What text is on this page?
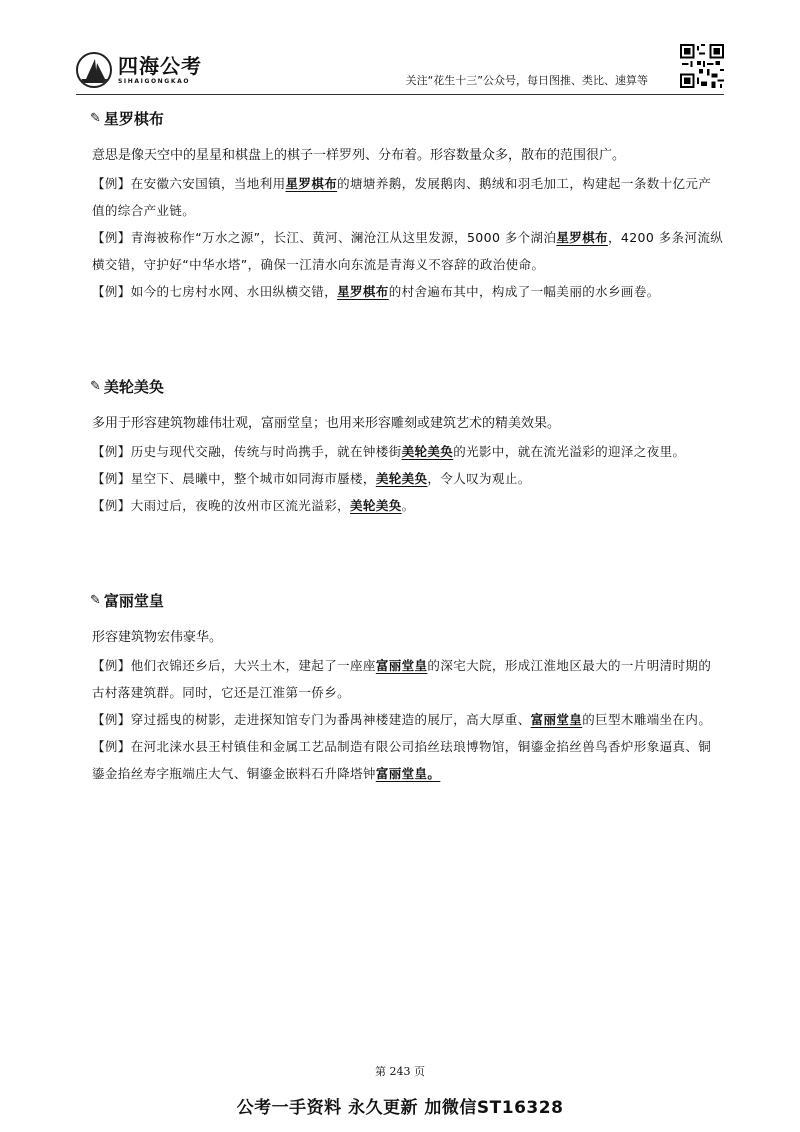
四海公考
SIHAIGONGKAO	关注“花生十三”公众号，每日图推、类比、速算等
✎ 星罗棋布

意思是像天空中的星星和棋盘上的棋子一样罗列、分布着。形容数量众多，散布的范围很广。

【例】在安徽六安国镇，当地利用星罗棋布的塘塘养鹅，发展鹅肉、鹅绒和羽毛加工，构建起一条数十亿元产值的综合产业链。

【例】青海被称作“万水之源”，长江、黄河、澜沧江从这里发源，5000 多个湖泊星罗棋布，4200 多条河流纵横交错，守护好“中华水塔”，确保一江清水向东流是青海义不容辞的政治使命。

【例】如今的七房村水网、水田纵横交错，星罗棋布的村舍遍布其中，构成了一幅美丽的水乡画卷。

✎ 美轮美奂

多用于形容建筑物雄伟壮观，富丽堂皇；也用来形容雕刻或建筑艺术的精美效果。

【例】历史与现代交融，传统与时尚携手，就在钟楼街美轮美奂的光影中，就在流光溢彩的迎泽之夜里。

【例】星空下、晨曦中，整个城市如同海市蜃楼，美轮美奂，令人叹为观止。

【例】大雨过后，夜晚的汝州市区流光溢彩，美轮美奂。

✎ 富丽堂皇

形容建筑物宏伟豪华。

【例】他们衣锦还乡后，大兴土木，建起了一座座富丽堂皇的深宅大院，形成江淮地区最大的一片明清时期的古村落建筑群。同时，它还是江淮第一侨乡。

【例】穿过摇曳的树影，走进探知馆专门为番禺神楼建造的展厅，高大厚重、富丽堂皇的巨型木雕端坐在内。

【例】在河北涞水县王村镇佳和金属工艺品制造有限公司掐丝珐琅博物馆，铜鎏金掐丝兽鸟香炉形象逼真、铜鎏金掐丝寿字瓶端庄大气、铜鎏金嵌料石升降塔钟富丽堂皇。

第 243 页
公考一手资料 永久更新 加微信ST16328
